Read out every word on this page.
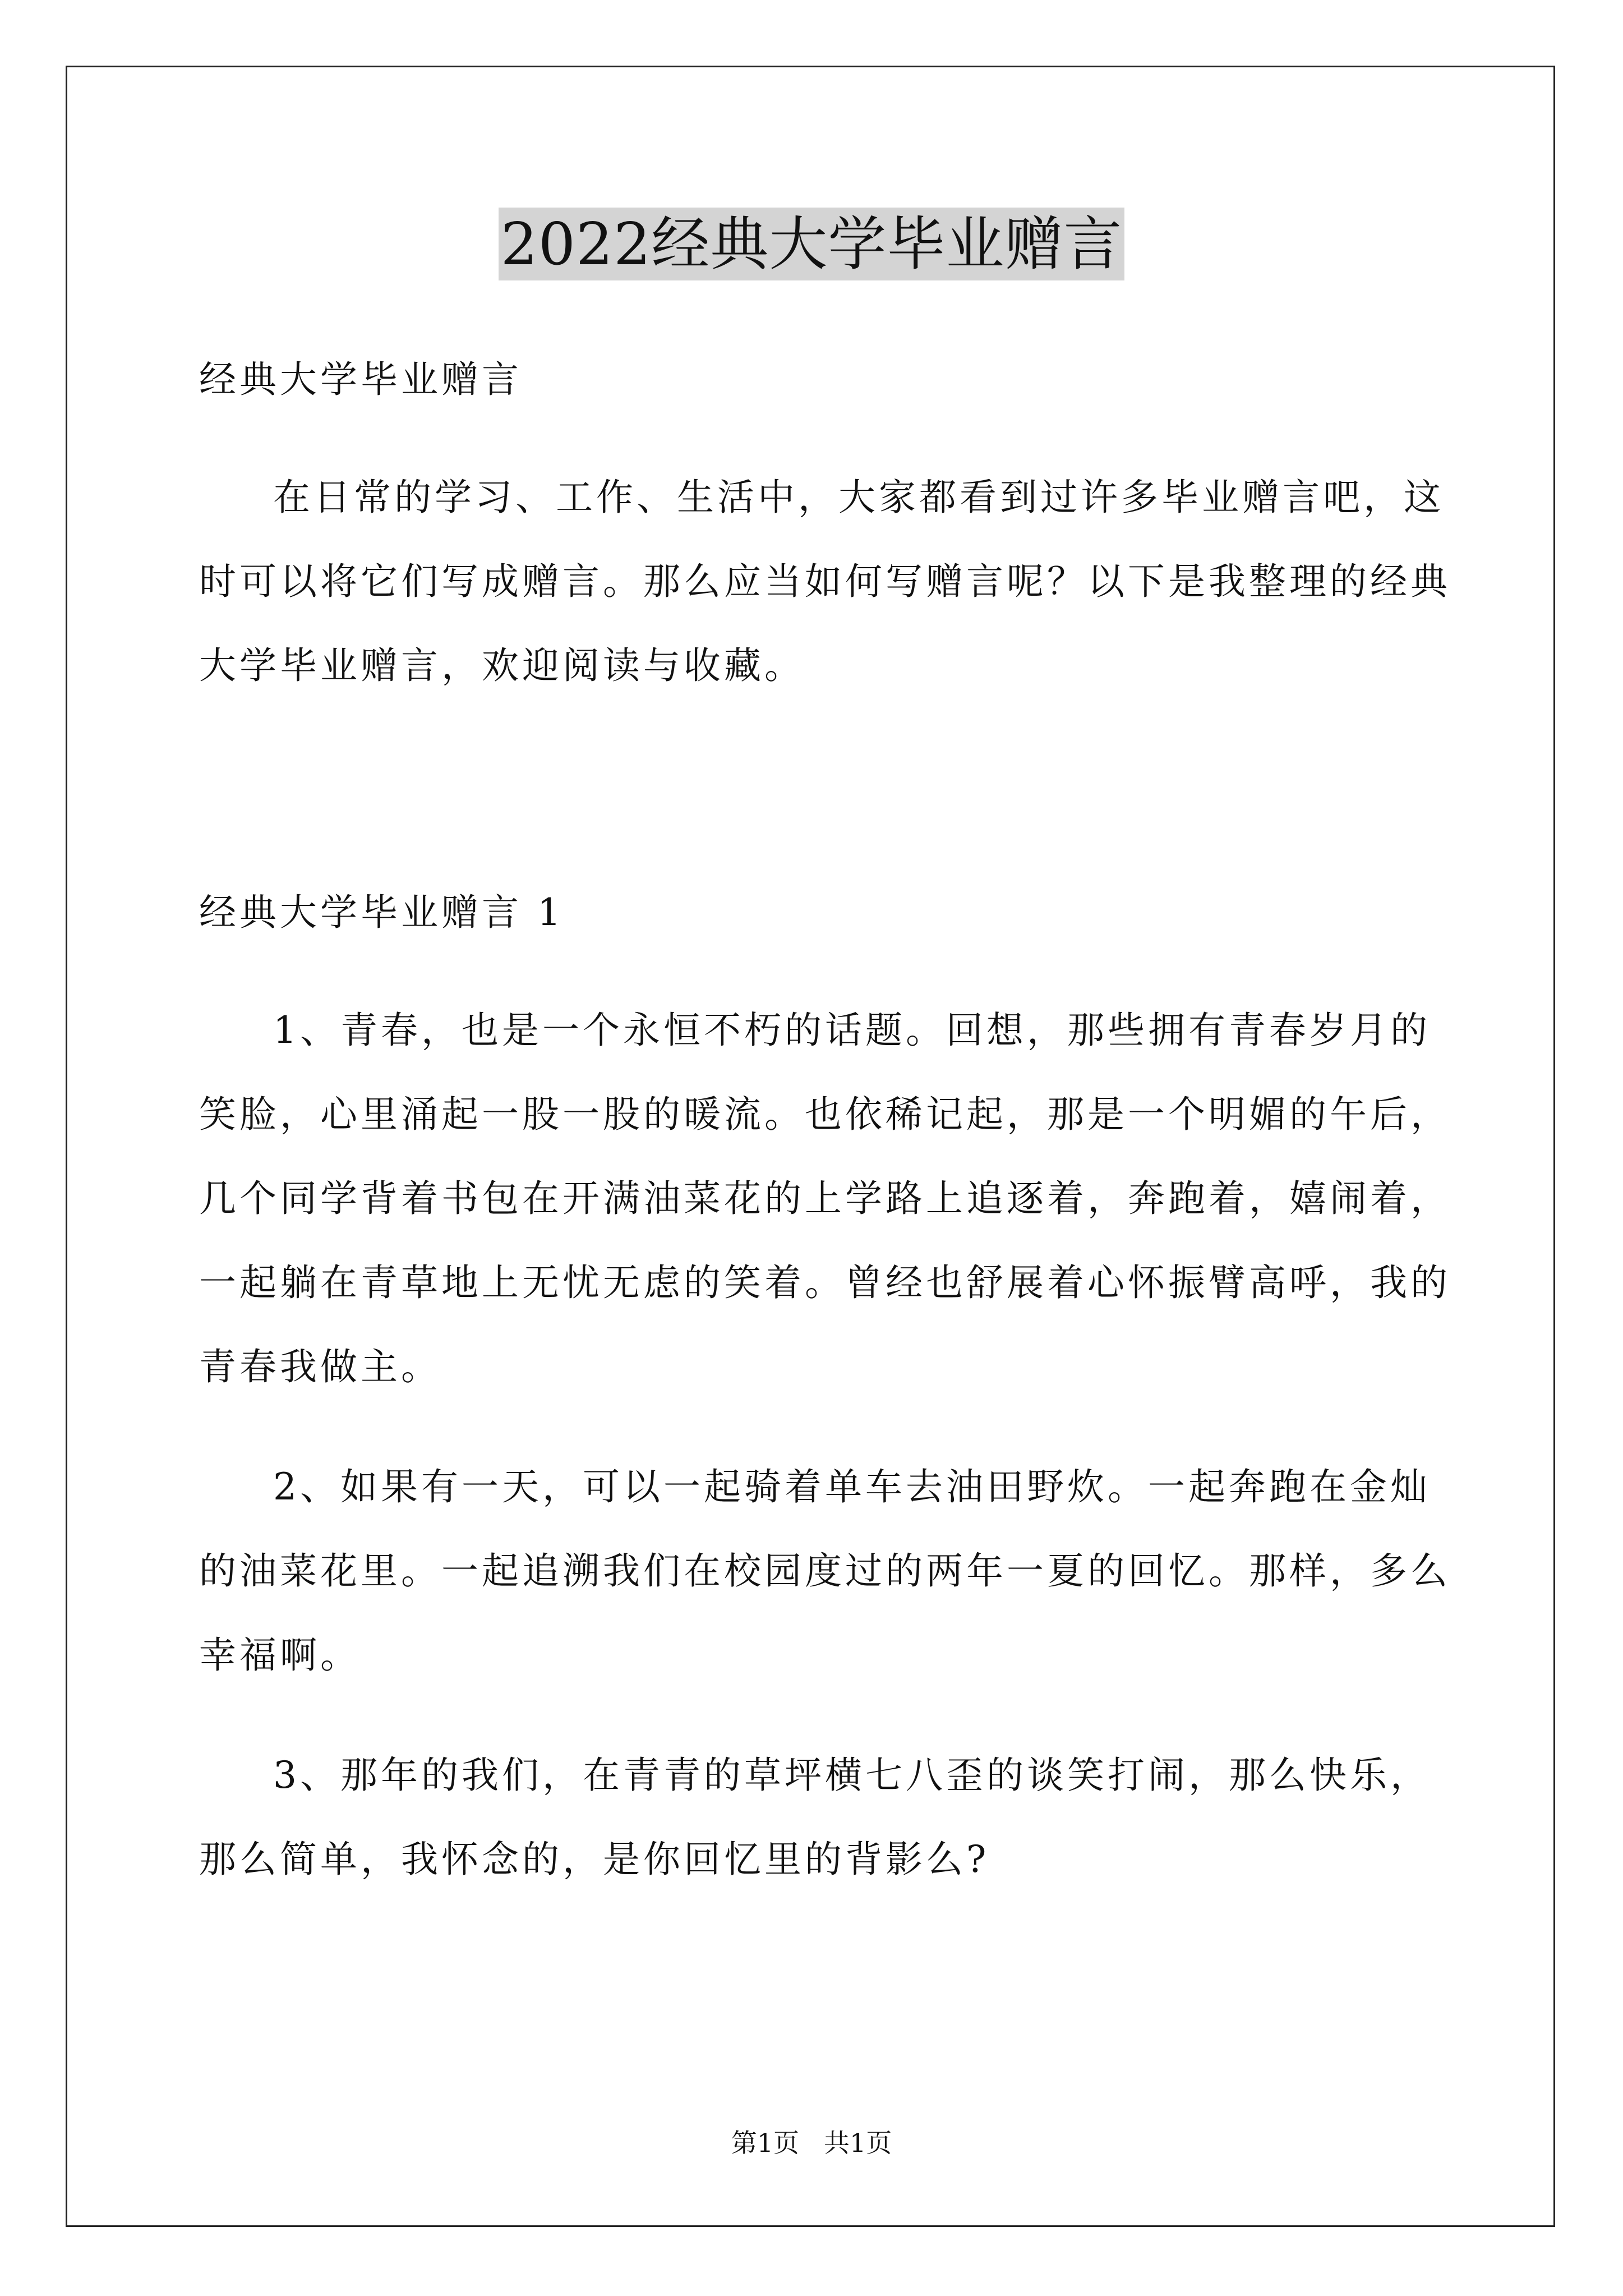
2022经典大学毕业赠言
经典大学毕业赠言

在日常的学习、工作、生活中，大家都看到过许多毕业赠言吧，这时可以将它们写成赠言。那么应当如何写赠言呢？以下是我整理的经典大学毕业赠言，欢迎阅读与收藏。

经典大学毕业赠言 1

1、青春，也是一个永恒不朽的话题。回想，那些拥有青春岁月的笑脸，心里涌起一股一股的暖流。也依稀记起，那是一个明媚的午后，几个同学背着书包在开满油菜花的上学路上追逐着，奔跑着，嬉闹着，一起躺在青草地上无忧无虑的笑着。曾经也舒展着心怀振臂高呼，我的青春我做主。

2、如果有一天，可以一起骑着单车去油田野炊。一起奔跑在金灿的油菜花里。一起追溯我们在校园度过的两年一夏的回忆。那样，多么幸福啊。

3、那年的我们，在青青的草坪横七八歪的谈笑打闹，那么快乐，那么简单，我怀念的，是你回忆里的背影么?

第1页 共1页
